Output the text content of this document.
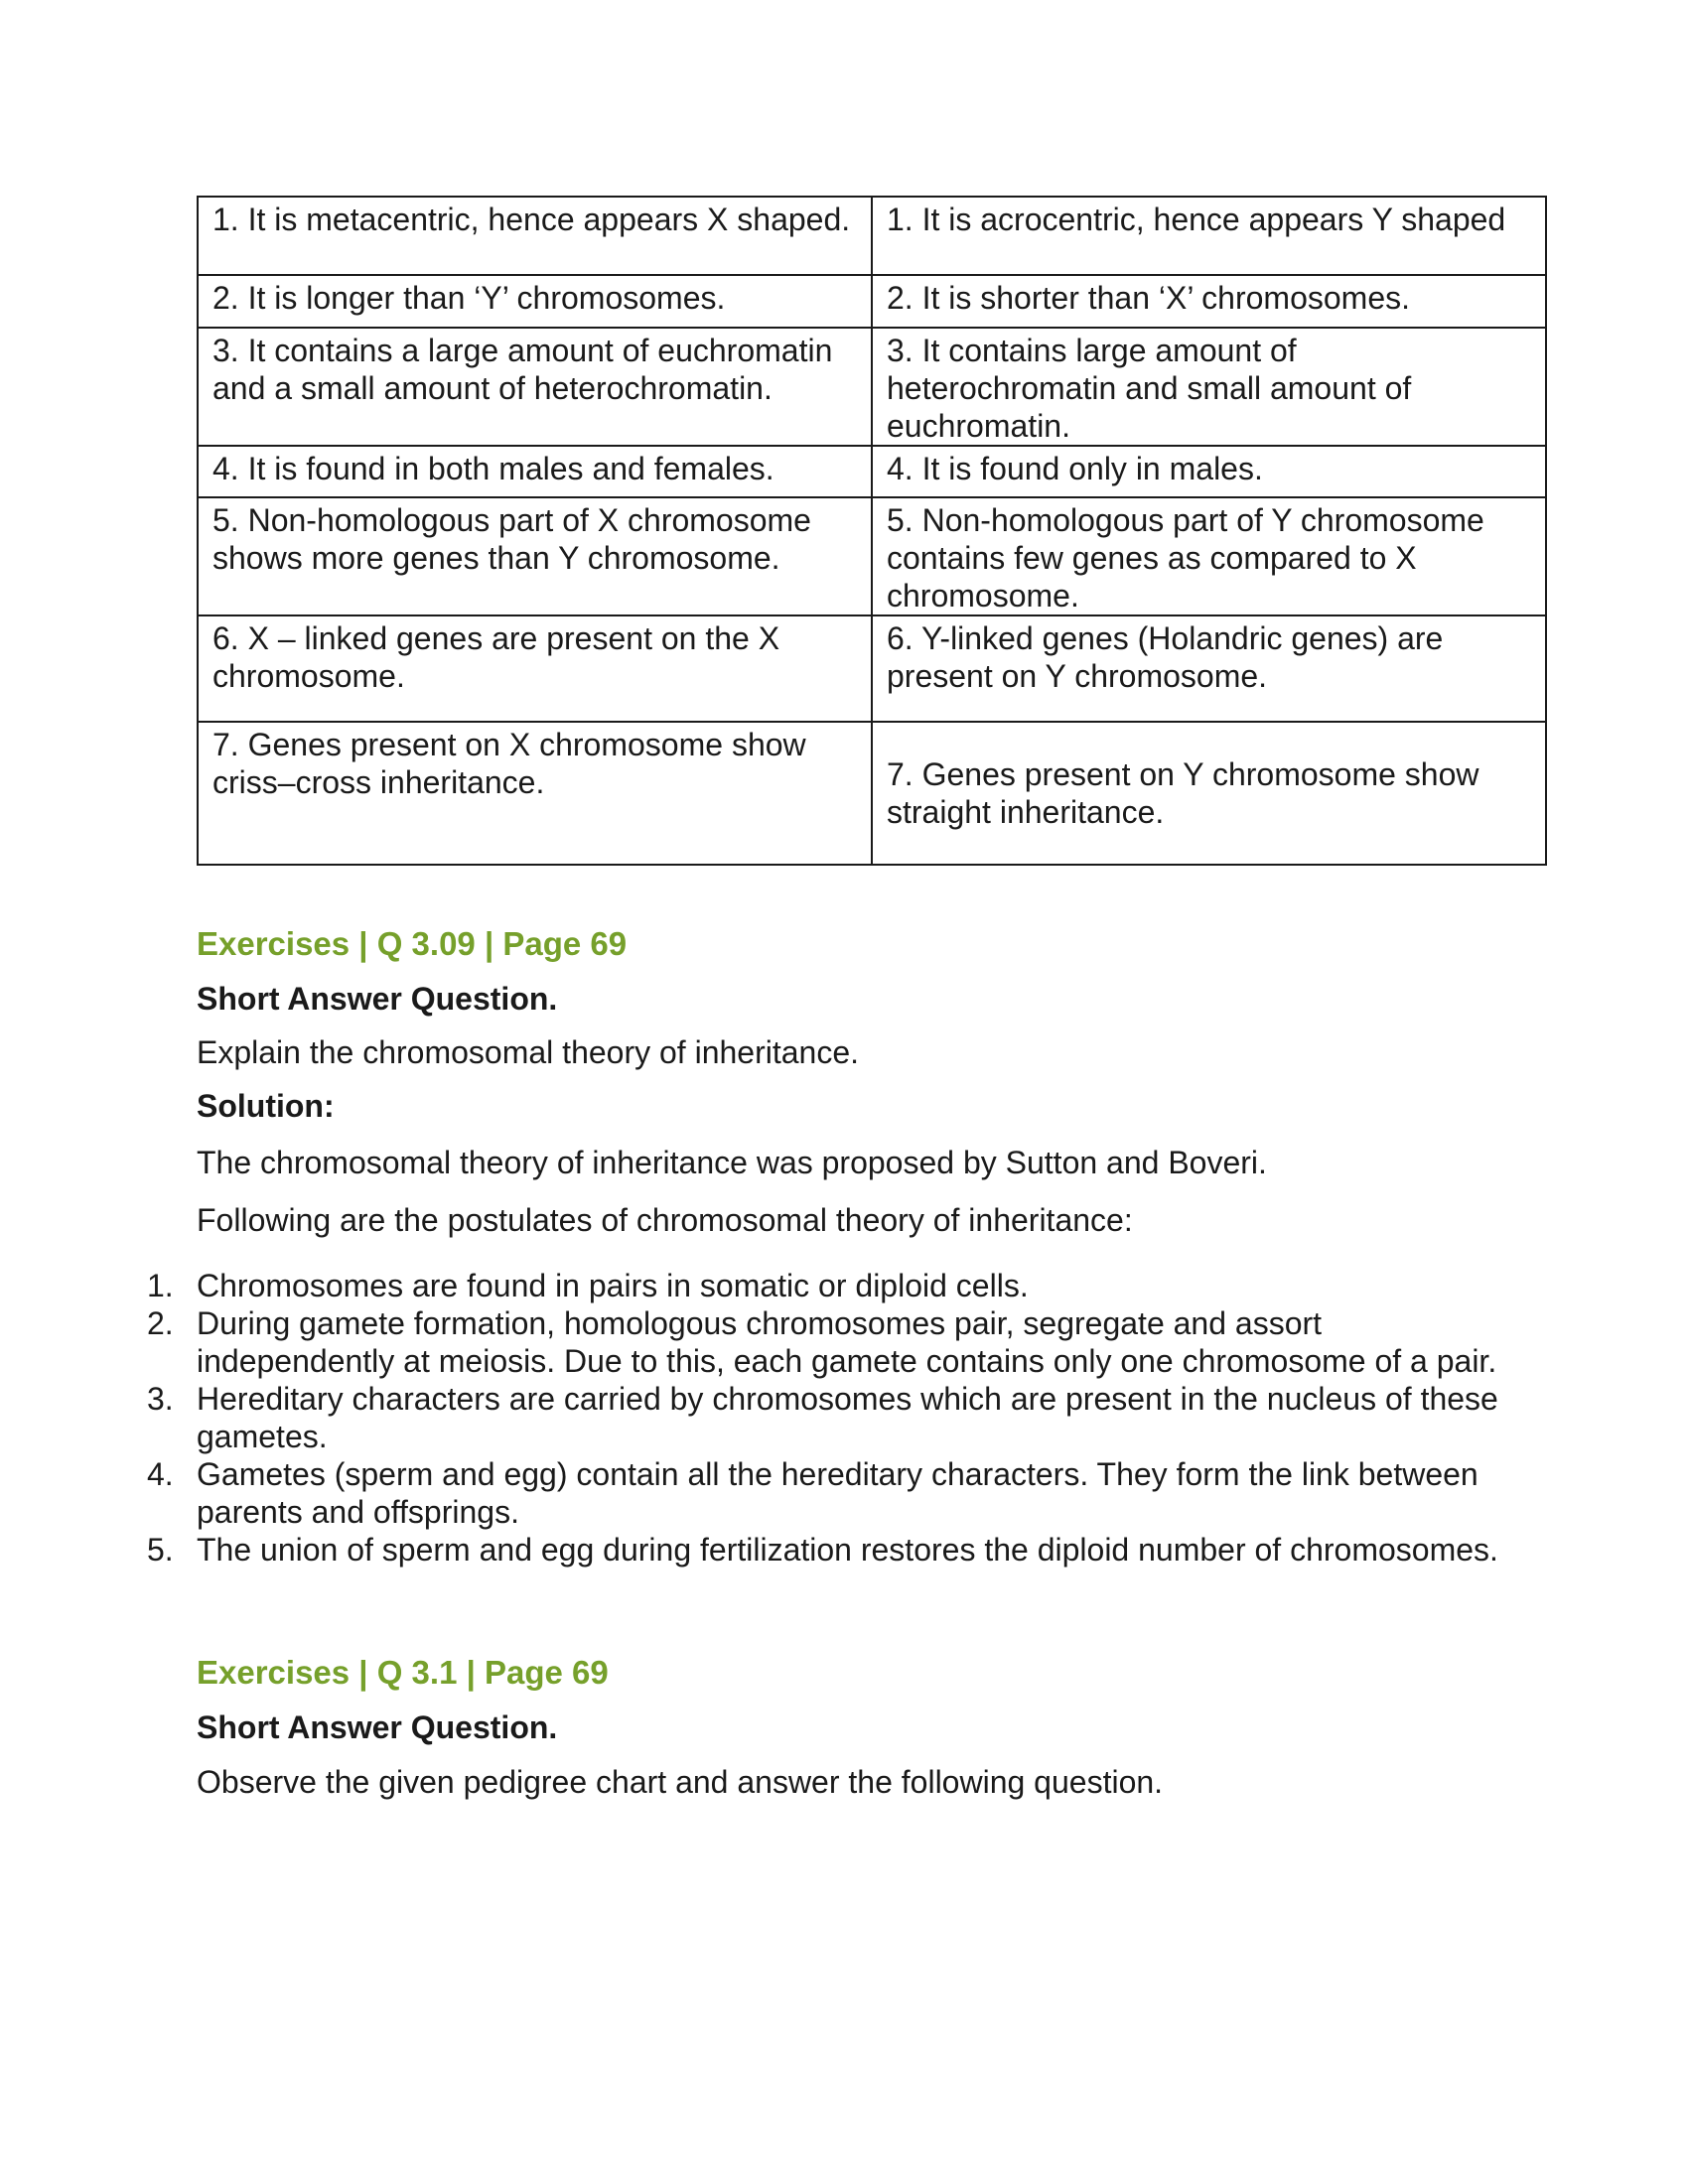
1. It is metacentric, hence appears X shaped.	1. It is acrocentric, hence appears Y shaped
2. It is longer than ‘Y’ chromosomes.	2. It is shorter than ‘X’ chromosomes.
3. It contains a large amount of euchromatin and a small amount of heterochromatin.	3. It contains large amount of heterochromatin and small amount of euchromatin.
4. It is found in both males and females.	4. It is found only in males.
5. Non-homologous part of X chromosome shows more genes than Y chromosome.	5. Non-homologous part of Y chromosome contains few genes as compared to X chromosome.
6. X – linked genes are present on the X chromosome.	6. Y-linked genes (Holandric genes) are present on Y chromosome.
7. Genes present on X chromosome show criss–cross inheritance.	7. Genes present on Y chromosome show straight inheritance.
Exercises | Q 3.09 | Page 69
Short Answer Question.
Explain the chromosomal theory of inheritance.
Solution:
The chromosomal theory of inheritance was proposed by Sutton and Boveri.
Following are the postulates of chromosomal theory of inheritance:
1. Chromosomes are found in pairs in somatic or diploid cells.
2. During gamete formation, homologous chromosomes pair, segregate and assort independently at meiosis. Due to this, each gamete contains only one chromosome of a pair.
3. Hereditary characters are carried by chromosomes which are present in the nucleus of these gametes.
4. Gametes (sperm and egg) contain all the hereditary characters. They form the link between parents and offsprings.
5. The union of sperm and egg during fertilization restores the diploid number of chromosomes.
Exercises | Q 3.1 | Page 69
Short Answer Question.
Observe the given pedigree chart and answer the following question.
